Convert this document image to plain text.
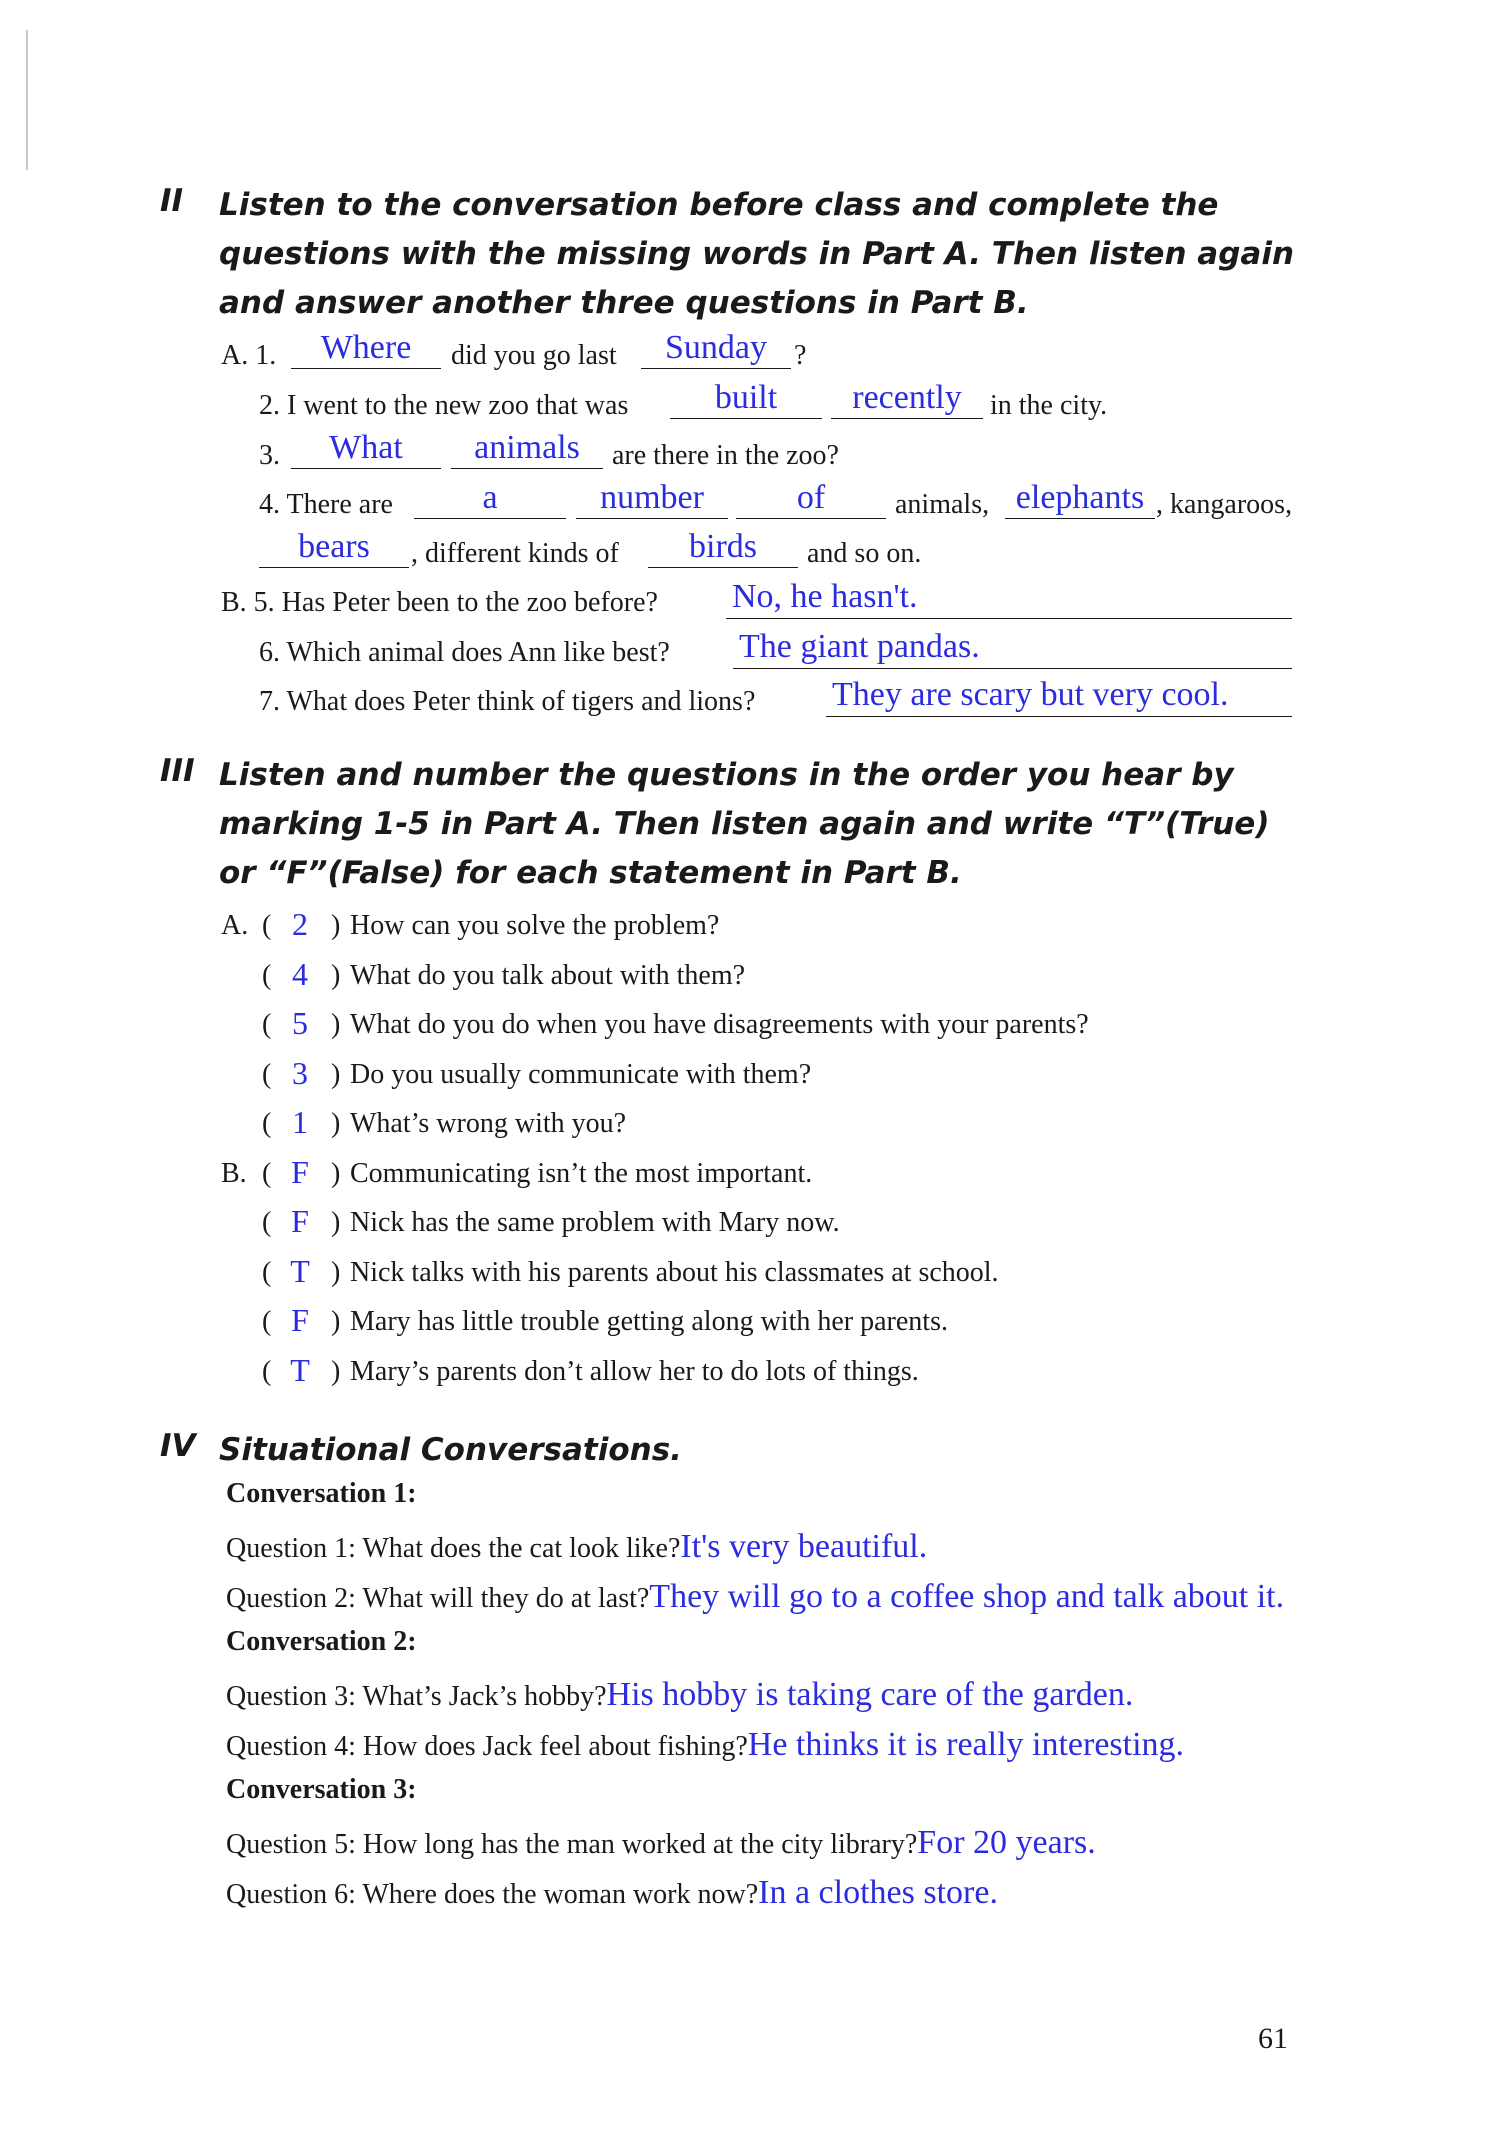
II Listen to the conversation before class and complete the questions with the missing words in Part A. Then listen again and answer another three questions in Part B.
A. 1.	Where	did you go last	Sunday ?
2. I went to the new zoo that was	built	recently	in the city.
3.	What	animals	are there in the zoo?
4. There are	a	number	of	animals, elephants , kangaroos,
bears	, different kinds of	birds	and so on.
B. 5. Has Peter been to the zoo before? No, he hasn't.
6. Which animal does Ann like best? The giant pandas.
7. What does Peter think of tigers and lions? They are scary but very cool.
III Listen and number the questions in the order you hear by marking 1-5 in Part A. Then listen again and write “T”(True) or “F”(False) for each statement in Part B.
A. ( 2 ) How can you solve the problem?
( 4 ) What do you talk about with them?
( 5 ) What do you do when you have disagreements with your parents?
( 3 ) Do you usually communicate with them?
( 1 ) What’s wrong with you?
B. ( F ) Communicating isn’t the most important.
( F ) Nick has the same problem with Mary now.
( T ) Nick talks with his parents about his classmates at school.
( F ) Mary has little trouble getting along with her parents.
( T ) Mary’s parents don’t allow her to do lots of things.
IV Situational Conversations.
Conversation 1:
Question 1: What does the cat look like?It's very beautiful.
Question 2: What will they do at last?They will go to a coffee shop and talk about it.
Conversation 2:
Question 3: What’s Jack’s hobby?His hobby is taking care of the garden.
Question 4: How does Jack feel about fishing?He thinks it is really interesting.
Conversation 3:
Question 5: How long has the man worked at the city library?For 20 years.
Question 6: Where does the woman work now?In a clothes store.
61
